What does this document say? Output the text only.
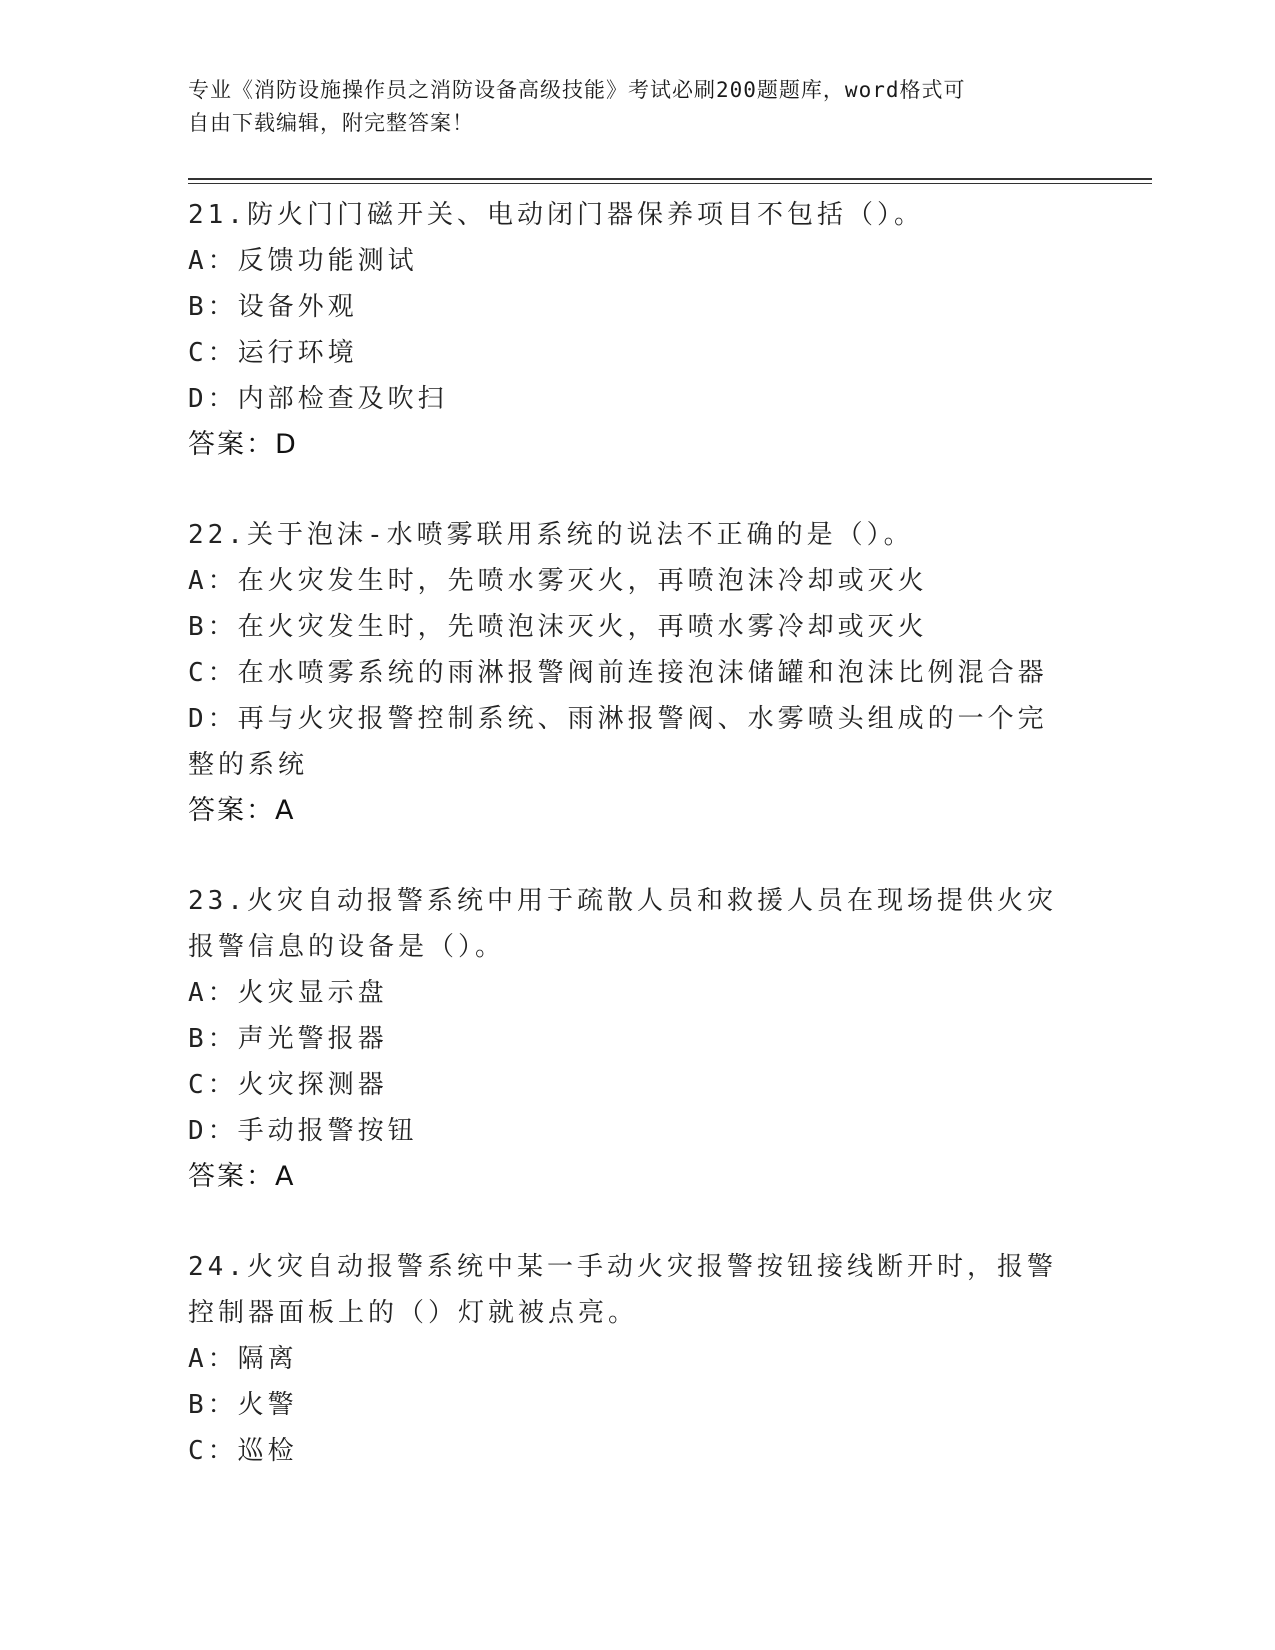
专业《消防设施操作员之消防设备高级技能》考试必刷200题题库，word格式可
自由下载编辑，附完整答案！
21.防火门门磁开关、电动闭门器保养项目不包括（）。
A：反馈功能测试
B：设备外观
C：运行环境
D：内部检查及吹扫
答案：D
22.关于泡沫-水喷雾联用系统的说法不正确的是（）。
A：在火灾发生时，先喷水雾灭火，再喷泡沫冷却或灭火
B：在火灾发生时，先喷泡沫灭火，再喷水雾冷却或灭火
C：在水喷雾系统的雨淋报警阀前连接泡沫储罐和泡沫比例混合器
D：再与火灾报警控制系统、雨淋报警阀、水雾喷头组成的一个完整的系统
答案：A
23.火灾自动报警系统中用于疏散人员和救援人员在现场提供火灾报警信息的设备是（）。
A：火灾显示盘
B：声光警报器
C：火灾探测器
D：手动报警按钮
答案：A
24.火灾自动报警系统中某一手动火灾报警按钮接线断开时，报警控制器面板上的（）灯就被点亮。
A：隔离
B：火警
C：巡检
